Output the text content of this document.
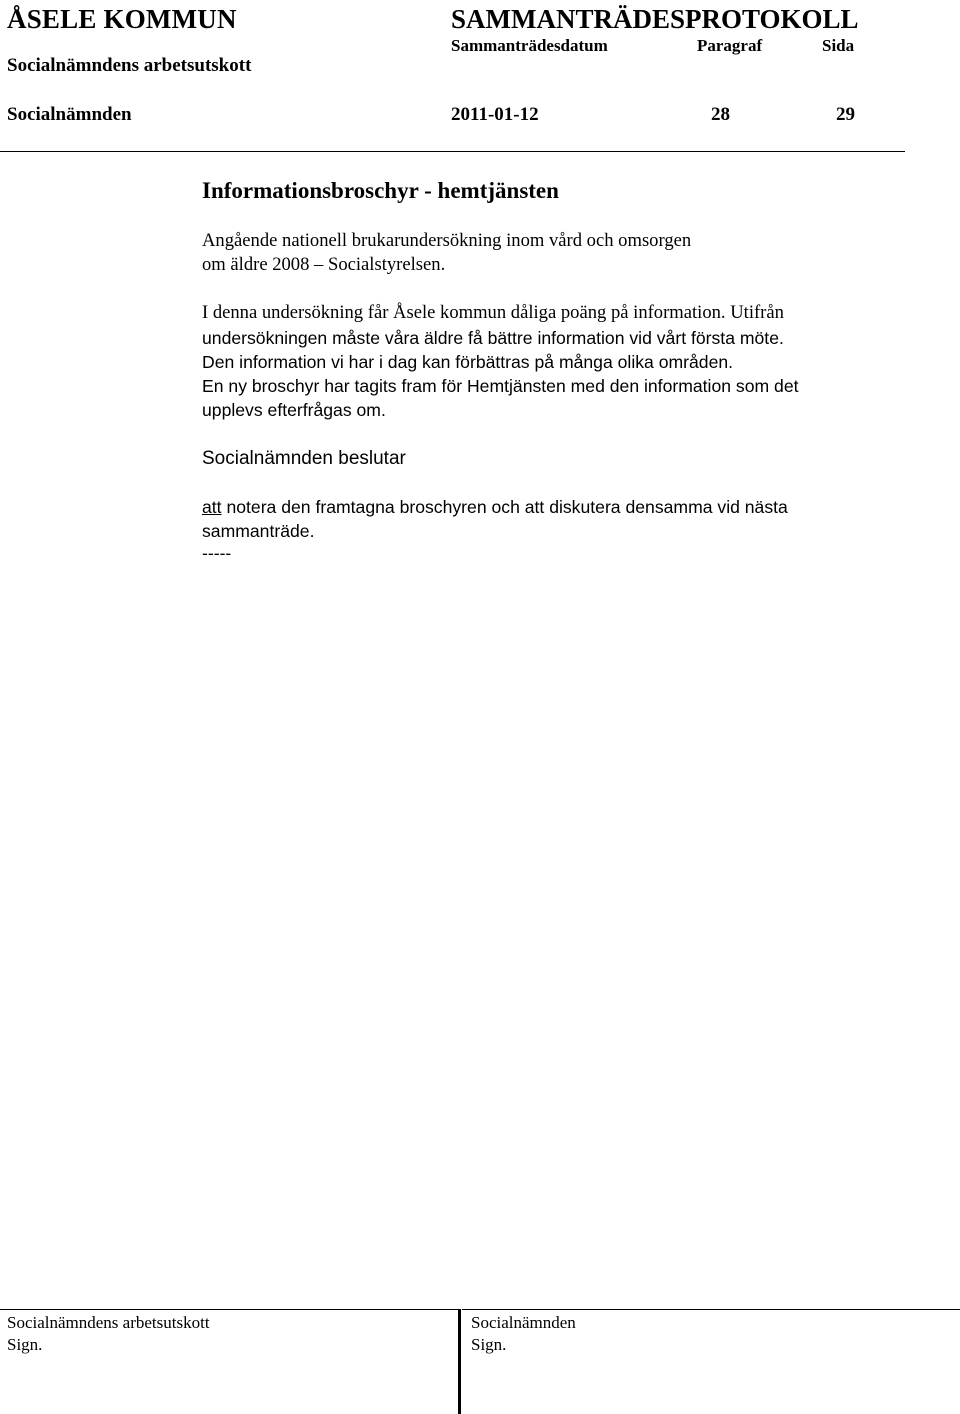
ÅSELE KOMMUN	SAMMANTRÄDESPROTOKOLL
Sammanträdesdatum	Paragraf	Sida
Socialnämndens arbetsutskott
Socialnämnden	2011-01-12	28	29
Informationsbroschyr - hemtjänsten
Angående nationell brukarundersökning inom vård och omsorgen
om äldre 2008 – Socialstyrelsen.
I denna undersökning får Åsele kommun dåliga poäng på information. Utifrån
undersökningen måste våra äldre få bättre information vid vårt första möte.
Den information vi har i dag kan förbättras på många olika områden.
En ny broschyr har tagits fram för Hemtjänsten med den information som det
upplevs efterfrågas om.
Socialnämnden beslutar
att notera den framtagna broschyren och att diskutera densamma vid nästa
sammanträde.
-----
Socialnämndens arbetsutskott
Sign.
Socialnämnden
Sign.
